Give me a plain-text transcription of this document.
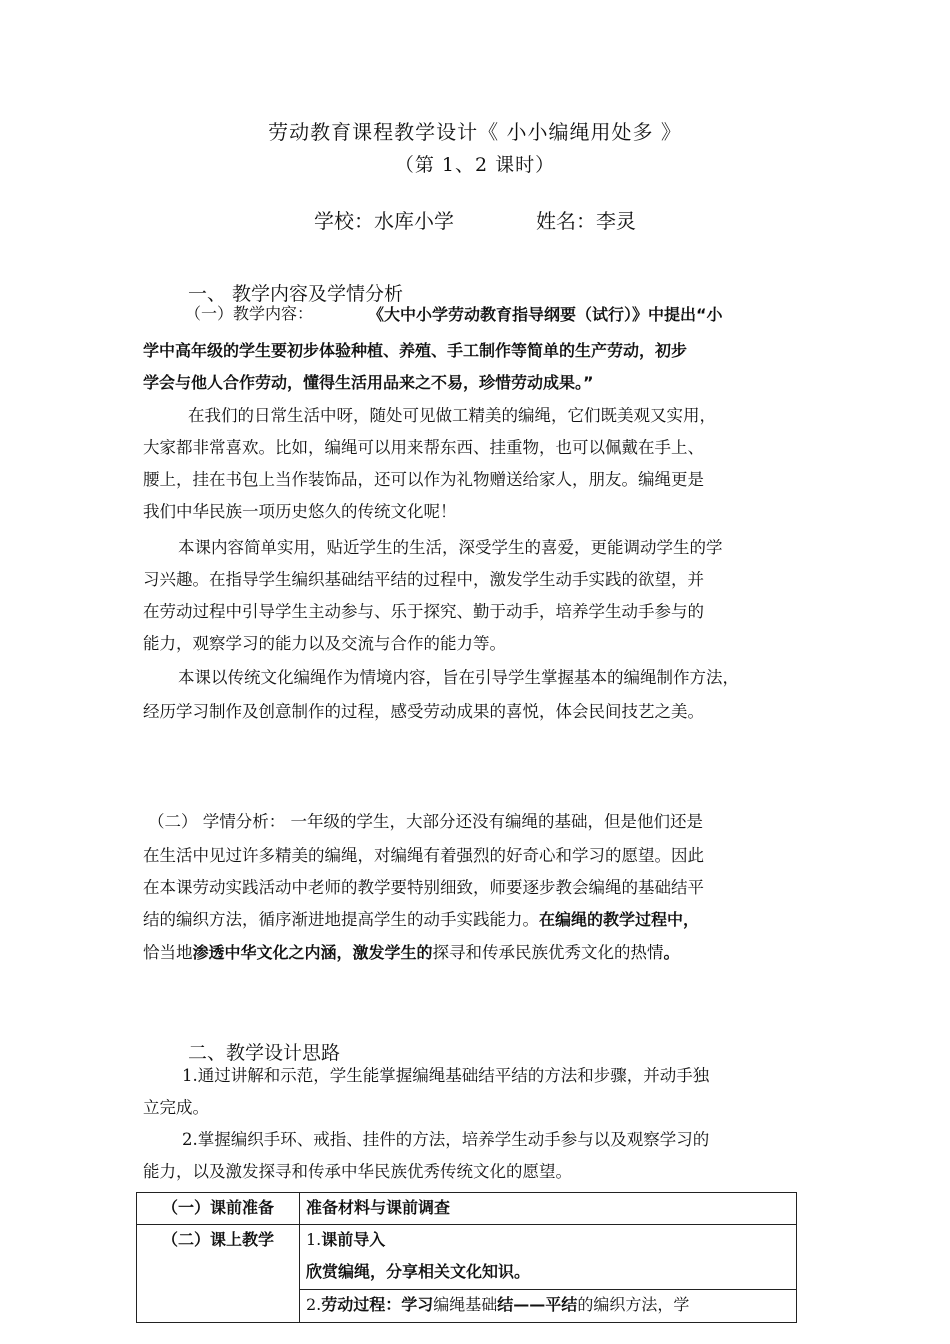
劳动教育课程教学设计《 小小编绳用处多 》
（第 1、2 课时）
学校：水库小学	姓名：李灵
一、 教学内容及学情分析
（一）教学内容：	《大中小学劳动教育指导纲要（试行）》中提出“小
学中高年级的学生要初步体验种植、养殖、手工制作等简单的生产劳动，初步
学会与他人合作劳动，懂得生活用品来之不易，珍惜劳动成果。”
在我们的日常生活中呀，随处可见做工精美的编绳，它们既美观又实用，
大家都非常喜欢。比如，编绳可以用来帮东西、挂重物，也可以佩戴在手上、
腰上，挂在书包上当作装饰品，还可以作为礼物赠送给家人，朋友。编绳更是
我们中华民族一项历史悠久的传统文化呢！
本课内容简单实用，贴近学生的生活，深受学生的喜爱，更能调动学生的学
习兴趣。在指导学生编织基础结平结的过程中，激发学生动手实践的欲望，并
在劳动过程中引导学生主动参与、乐于探究、勤于动手，培养学生动手参与的
能力，观察学习的能力以及交流与合作的能力等。
本课以传统文化编绳作为情境内容，旨在引导学生掌握基本的编绳制作方法，
经历学习制作及创意制作的过程，感受劳动成果的喜悦，体会民间技艺之美。
（二） 学情分析： 一年级的学生，大部分还没有编绳的基础，但是他们还是
在生活中见过许多精美的编绳，对编绳有着强烈的好奇心和学习的愿望。因此
在本课劳动实践活动中老师的教学要特别细致，师要逐步教会编绳的基础结平
结的编织方法，循序渐进地提高学生的动手实践能力。在编绳的教学过程中，
恰当地渗透中华文化之内涵，激发学生的探寻和传承民族优秀文化的热情。
二、教学设计思路
1.通过讲解和示范，学生能掌握编绳基础结平结的方法和步骤，并动手独
立完成。
2.掌握编织手环、戒指、挂件的方法，培养学生动手参与以及观察学习的
能力，以及激发探寻和传承中华民族优秀传统文化的愿望。
（一）课前准备	准备材料与课前调查
（二）课上教学	1.课前导入
欣赏编绳，分享相关文化知识。
2.劳动过程：学习编绳基础结——平结的编织方法，学
